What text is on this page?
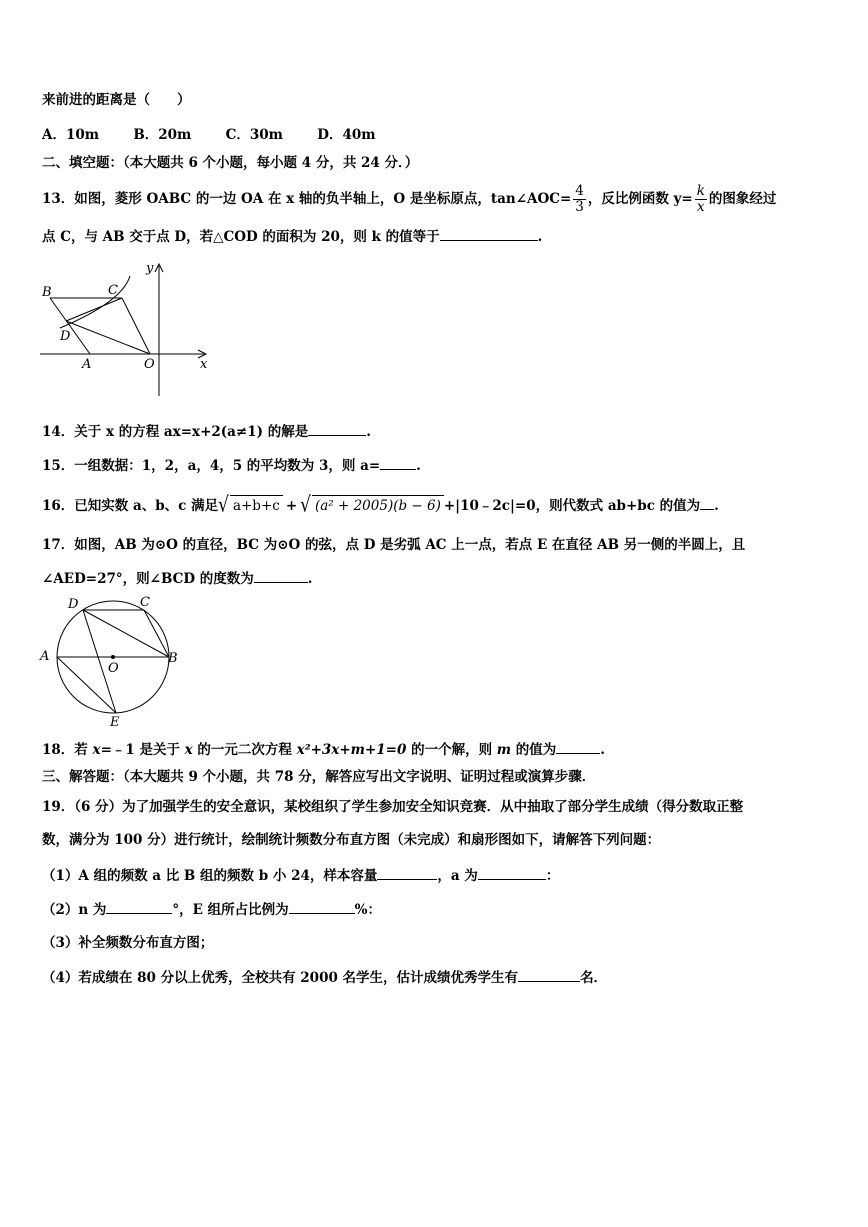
来前进的距离是（　　）
A．10m	B．20m	C．30m	D．40m
二、填空题：（本大题共 6 个小题，每小题 4 分，共 24 分．）
13．如图，菱形 OABC 的一边 OA 在 x 轴的负半轴上，O 是坐标原点，tan∠AOC= $\frac{4}{3}$ ，反比例函数 $y= \frac{k}{x}$ 的图象经过
点 C，与 AB 交于点 D，若△COD 的面积为 20，则 k 的值等于	.
B	C
D
A	O	x
y
14．关于 x 的方程 ax=x+2(a≠1) 的解是	.
15．一组数据：1，2，a，4，5 的平均数为 3，则 a=	.
16．已知实数 a、b、c 满足√ a+b+c + √ (a² + 2005)(b − 6) +|10﹣2c|=0，则代数式 ab+bc 的值为 .
17．如图，AB 为⊙O 的直径，BC 为⊙O 的弦，点 D 是劣弧 AC 上一点，若点 E 在直径 AB 另一侧的半圆上，且
∠AED=27°，则∠BCD 的度数为	.
D	C
A	B
O
E
18．若 x=﹣1 是关于 x 的一元二次方程 x²+3x+m+1=0 的一个解，则 m 的值为	.
三、解答题：（本大题共 9 个小题，共 78 分，解答应写出文字说明、证明过程或演算步骤．
19．（6 分）为了加强学生的安全意识，某校组织了学生参加安全知识竞赛．从中抽取了部分学生成绩（得分数取正整
数，满分为 100 分）进行统计，绘制统计频数分布直方图（未完成）和扇形图如下，请解答下列问题：
（1）A 组的频数 a 比 B 组的频数 b 小 24，样本容量	，a 为	：
（2）n 为	°，E 组所占比例为	%：
（3）补全频数分布直方图；
（4）若成绩在 80 分以上优秀，全校共有 2000 名学生，估计成绩优秀学生有	名．
